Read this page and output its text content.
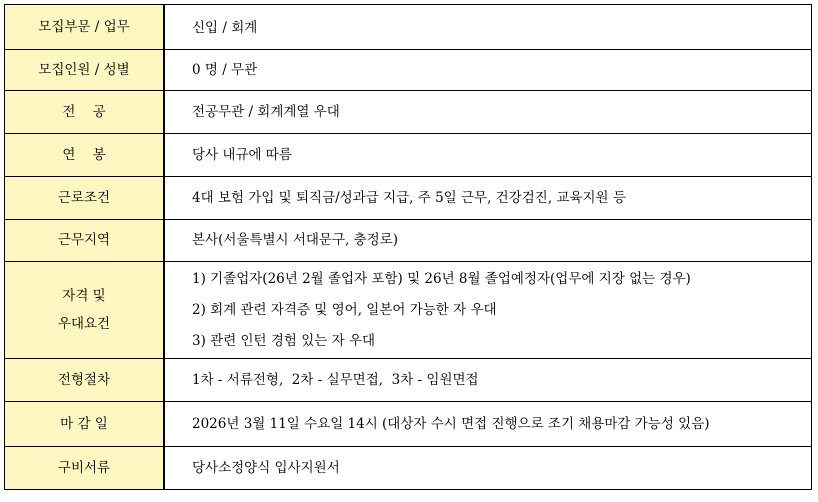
모집부문 / 업무	신입 / 회계
모집인원 / 성별	0 명 / 무관
전    공	전공무관 / 회계계열 우대
연    봉	당사 내규에 따름
근로조건	4대 보험 가입 및 퇴직금/성과급 지급, 주 5일 근무, 건강검진, 교육지원 등
근무지역	본사(서울특별시 서대문구, 충정로)

자격 및
우대요건	1) 기졸업자(26년 2월 졸업자 포함) 및 26년 8월 졸업예정자(업무에 지장 없는 경우)
2) 회계 관련 자격증 및 영어, 일본어 가능한 자 우대
3) 관련 인턴 경험 있는 자 우대

전형절차	1차 - 서류전형,  2차 - 실무면접,  3차 - 임원면접
마 감 일	2026년 3월 11일 수요일 14시 (대상자 수시 면접 진행으로 조기 채용마감 가능성 있음)
구비서류	당사소정양식 입사지원서
